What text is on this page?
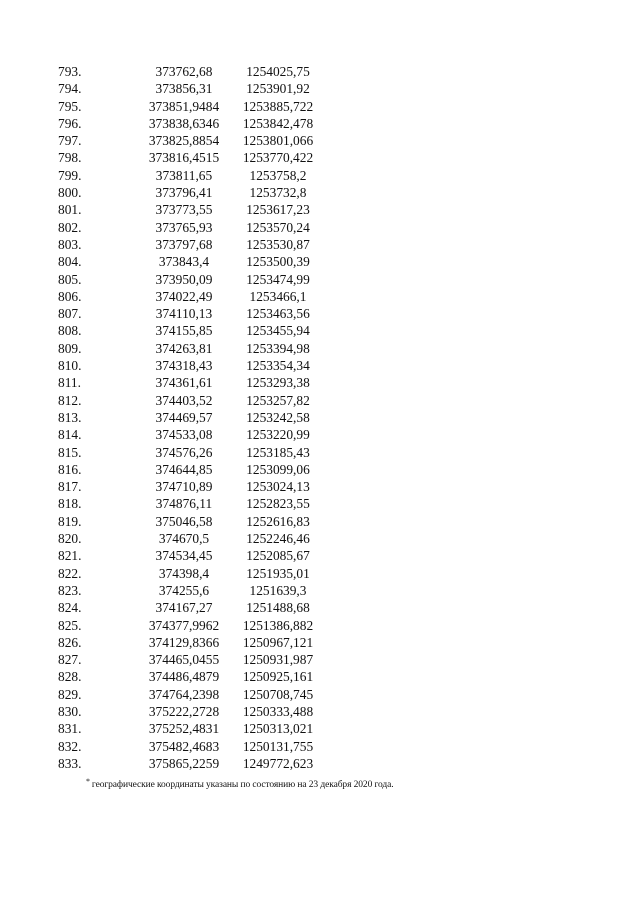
793.	373762,68	1254025,75
794.	373856,31	1253901,92
795.	373851,9484	1253885,722
796.	373838,6346	1253842,478
797.	373825,8854	1253801,066
798.	373816,4515	1253770,422
799.	373811,65	1253758,2
800.	373796,41	1253732,8
801.	373773,55	1253617,23
802.	373765,93	1253570,24
803.	373797,68	1253530,87
804.	373843,4	1253500,39
805.	373950,09	1253474,99
806.	374022,49	1253466,1
807.	374110,13	1253463,56
808.	374155,85	1253455,94
809.	374263,81	1253394,98
810.	374318,43	1253354,34
811.	374361,61	1253293,38
812.	374403,52	1253257,82
813.	374469,57	1253242,58
814.	374533,08	1253220,99
815.	374576,26	1253185,43
816.	374644,85	1253099,06
817.	374710,89	1253024,13
818.	374876,11	1252823,55
819.	375046,58	1252616,83
820.	374670,5	1252246,46
821.	374534,45	1252085,67
822.	374398,4	1251935,01
823.	374255,6	1251639,3
824.	374167,27	1251488,68
825.	374377,9962	1251386,882
826.	374129,8366	1250967,121
827.	374465,0455	1250931,987
828.	374486,4879	1250925,161
829.	374764,2398	1250708,745
830.	375222,2728	1250333,488
831.	375252,4831	1250313,021
832.	375482,4683	1250131,755
833.	375865,2259	1249772,623
* географические координаты указаны по состоянию на 23 декабря 2020 года.
